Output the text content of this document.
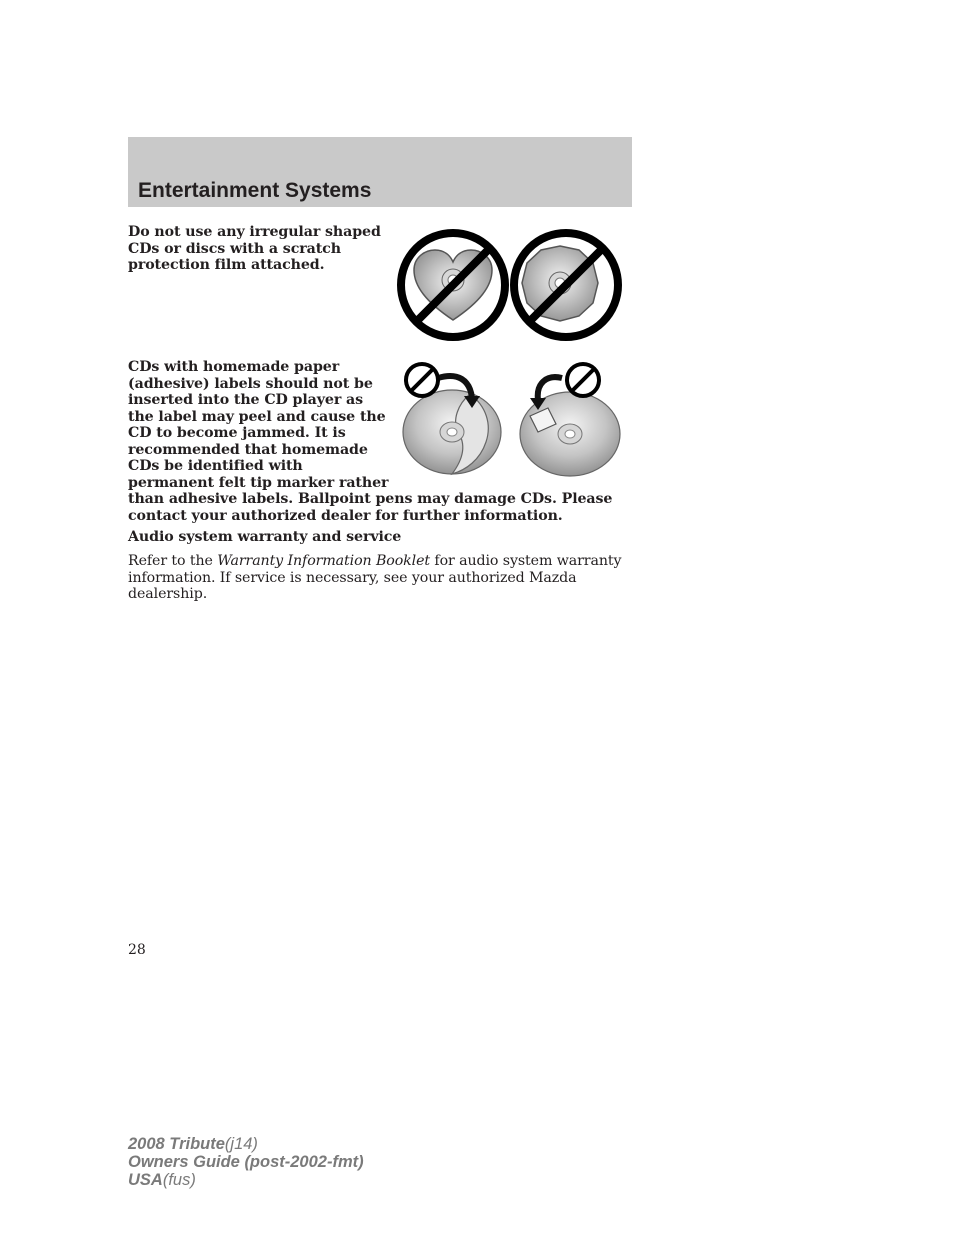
Entertainment Systems

Do not use any irregular shaped
CDs or discs with a scratch
protection film attached.

CDs with homemade paper
(adhesive) labels should not be
inserted into the CD player as
the label may peel and cause the
CD to become jammed. It is
recommended that homemade
CDs be identified with
permanent felt tip marker rather
than adhesive labels. Ballpoint pens may damage CDs. Please
contact your authorized dealer for further information.

Audio system warranty and service

Refer to the Warranty Information Booklet for audio system warranty
information. If service is necessary, see your authorized Mazda
dealership.

28

2008 Tribute(j14)
Owners Guide (post-2002-fmt)
USA(fus)
